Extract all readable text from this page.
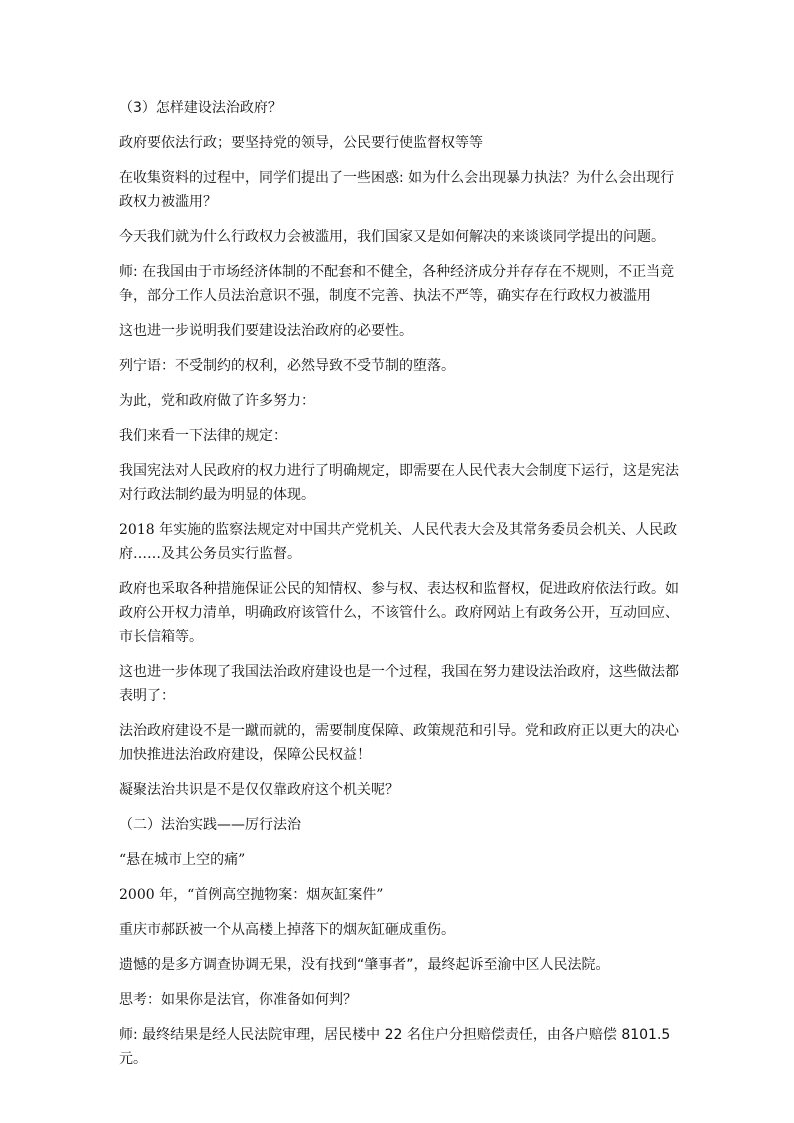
（3）怎样建设法治政府？

政府要依法行政；要坚持党的领导，公民要行使监督权等等

在收集资料的过程中，同学们提出了一些困惑: 如为什么会出现暴力执法？为什么会出现行政权力被滥用？

今天我们就为什么行政权力会被滥用，我们国家又是如何解决的来谈谈同学提出的问题。

师: 在我国由于市场经济体制的不配套和不健全，各种经济成分并存存在不规则，不正当竞争，部分工作人员法治意识不强，制度不完善、执法不严等，确实存在行政权力被滥用

这也进一步说明我们要建设法治政府的必要性。

列宁语：不受制约的权利，必然导致不受节制的堕落。

为此，党和政府做了许多努力：

我们来看一下法律的规定：

我国宪法对人民政府的权力进行了明确规定，即需要在人民代表大会制度下运行，这是宪法对行政法制约最为明显的体现。

2018 年实施的监察法规定对中国共产党机关、人民代表大会及其常务委员会机关、人民政府……及其公务员实行监督。

政府也采取各种措施保证公民的知情权、参与权、表达权和监督权，促进政府依法行政。如政府公开权力清单，明确政府该管什么，不该管什么。政府网站上有政务公开，互动回应、市长信箱等。

这也进一步体现了我国法治政府建设也是一个过程，我国在努力建设法治政府，这些做法都表明了：

法治政府建设不是一蹴而就的，需要制度保障、政策规范和引导。党和政府正以更大的决心加快推进法治政府建设，保障公民权益！

凝聚法治共识是不是仅仅靠政府这个机关呢？

（二）法治实践——厉行法治

“悬在城市上空的痛”

2000 年，“首例高空抛物案：烟灰缸案件”

重庆市郝跃被一个从高楼上掉落下的烟灰缸砸成重伤。

遗憾的是多方调查协调无果，没有找到“肇事者”，最终起诉至渝中区人民法院。

思考：如果你是法官，你准备如何判？

师: 最终结果是经人民法院审理，居民楼中 22 名住户分担赔偿责任，由各户赔偿 8101.5 元。
